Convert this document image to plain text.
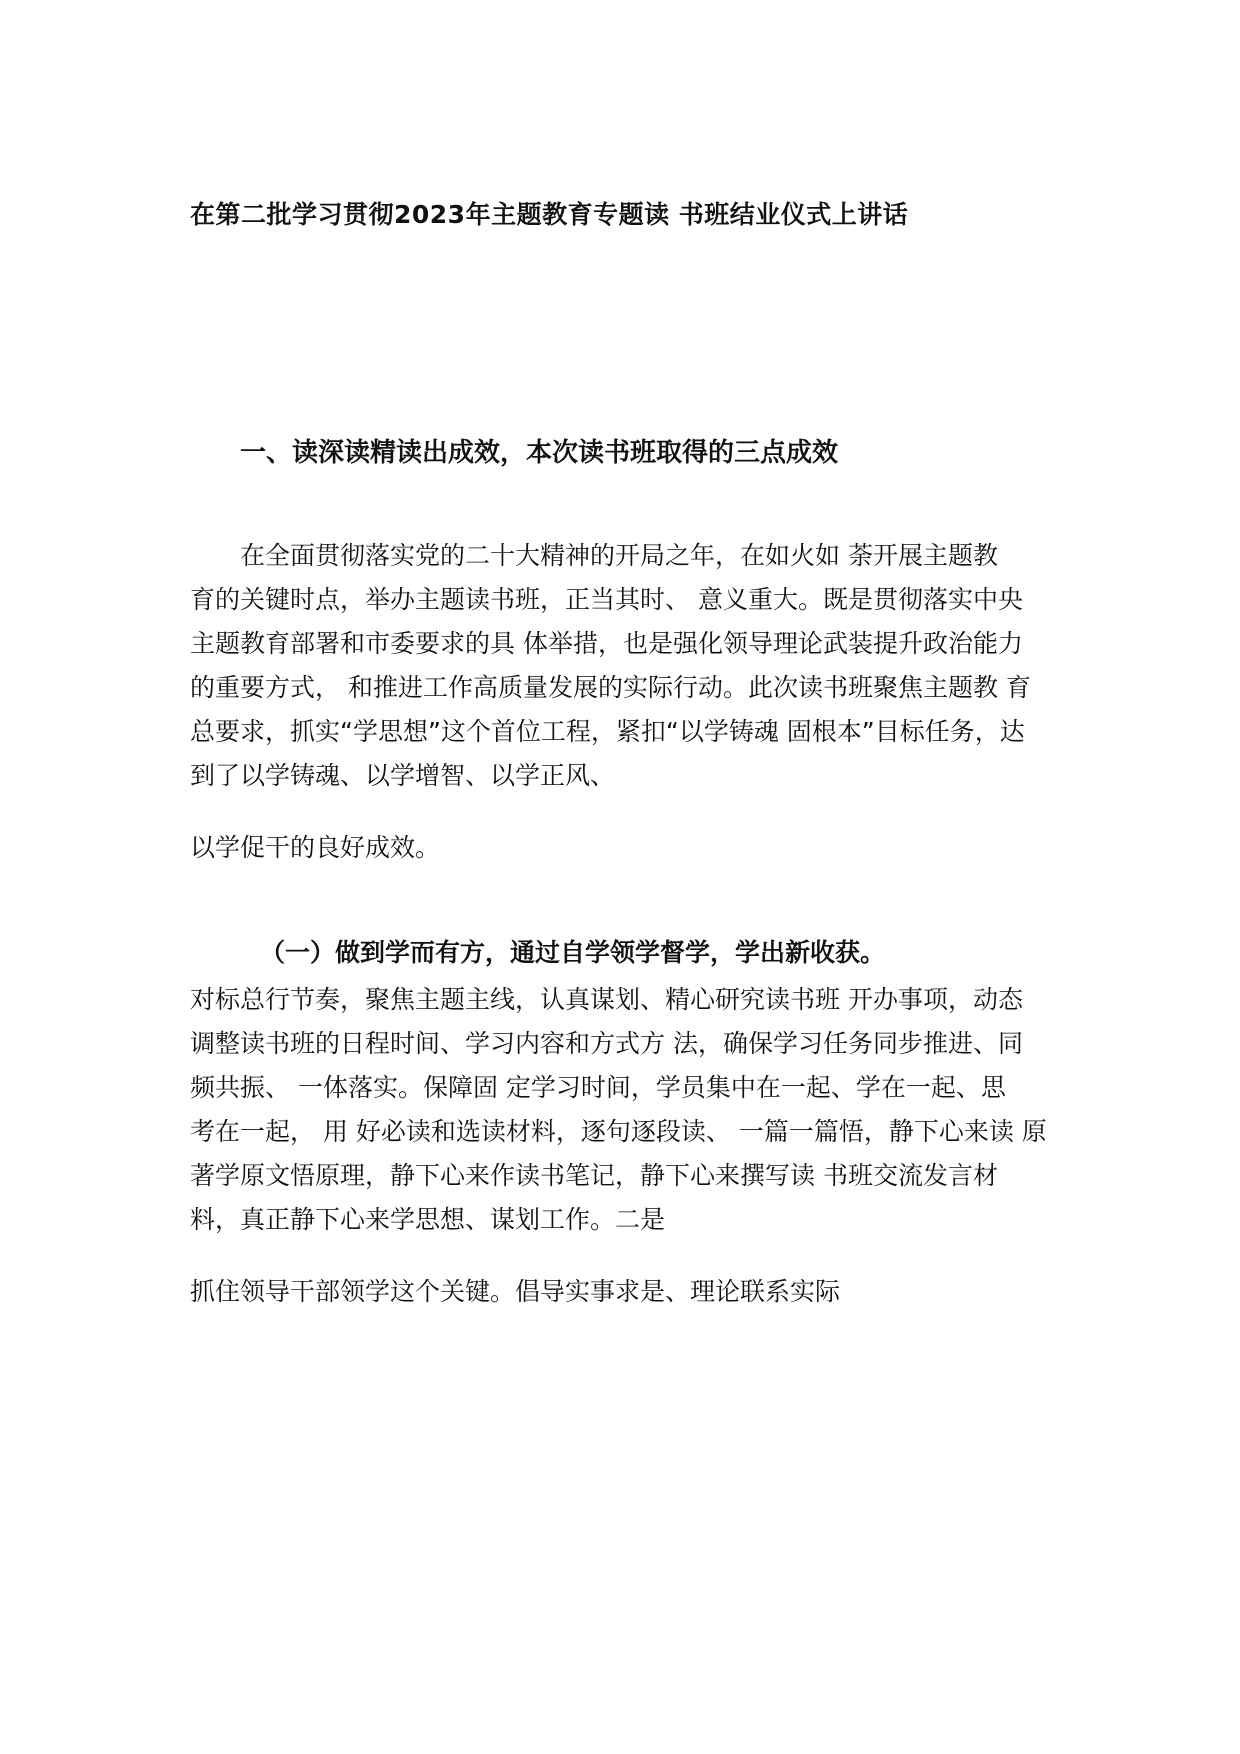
在第二批学习贯彻2023年主题教育专题读 书班结业仪式上讲话
一、读深读精读出成效，本次读书班取得的三点成效
在全面贯彻落实党的二十大精神的开局之年，在如火如 荼开展主题教
育的关键时点，举办主题读书班，正当其时、 意义重大。既是贯彻落实中央
主题教育部署和市委要求的具 体举措，也是强化领导理论武装提升政治能力
的重要方式， 和推进工作高质量发展的实际行动。此次读书班聚焦主题教 育
总要求，抓实“学思想”这个首位工程，紧扣“以学铸魂 固根本”目标任务，达
到了以学铸魂、以学增智、以学正风、
以学促干的良好成效。
（一）做到学而有方，通过自学领学督学，学出新收获。
对标总行节奏，聚焦主题主线，认真谋划、精心研究读书班 开办事项，动态
调整读书班的日程时间、学习内容和方式方 法，确保学习任务同步推进、同
频共振、 一体落实。保障固 定学习时间，学员集中在一起、学在一起、思
考在一起， 用 好必读和选读材料，逐句逐段读、 一篇一篇悟，静下心来读 原
著学原文悟原理，静下心来作读书笔记，静下心来撰写读 书班交流发言材
料，真正静下心来学思想、谋划工作。二是
抓住领导干部领学这个关键。倡导实事求是、理论联系实际
